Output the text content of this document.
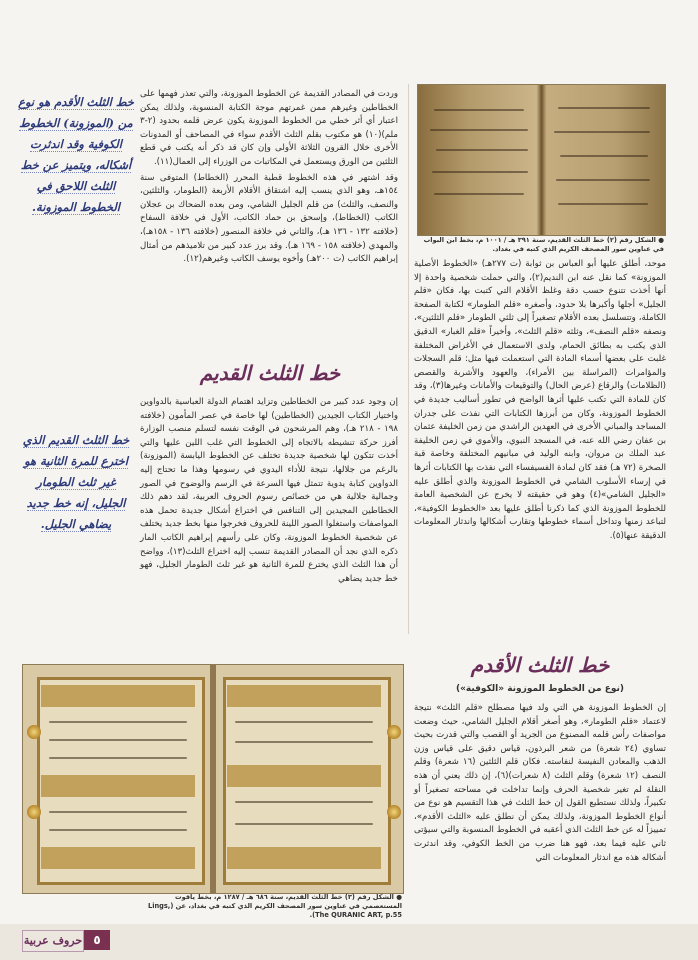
● الشكل رقم (٢) خط الثلث القديم، سنة ٣٩١ هـ / ١٠٠١ م، بخط ابن البواب في عناوين سور المصحف الكريم الذي كتبه في بغداد.

موحد، أطلق عليها أبو العباس بن ثوابة (ت ٢٧٧هـ) «الخطوط الأصلية الموزونة» كما نقل عنه ابن النديم(٢)، والتي حملت شخصية واحدة إلا أنها أخذت تتنوع حسب دقة وغلظ الأقلام التي كتبت بها، فكان «قلم الجليل» أجلها وأكبرها بلا حدود، وأصغره «قلم الطومار» لكتابة الصفحة الكاملة، وتتسلسل بعده الأقلام تصغيراً إلى ثلثي الطومار «قلم الثلثين»، ونصفه «قلم النصف»، وثلثه «قلم الثلث»، وأخيراً «قلم الغبار» الدقيق الذي يكتب به بطائق الحمام، ولدى الاستعمال في الأغراض المختلفة غلبت على بعضها أسماء المادة التي استعملت فيها مثل: قلم السجلات والمؤامرات (المراسلة بين الأمراء)، والعهود والأشربة والقصص (الظلامات) والرقاع (عرض الحال) والتوقيعات والأمانات وغيرها(٣)، وقد كان للمادة التي تكتب عليها أثرها الواضح في تطور أساليب جديدة في الخطوط الموزونة، وكان من أبرزها الكتابات التي نفذت على جدران المساجد والمباني الأخرى في العهدين الراشدي من زمن الخليفة عثمان بن عفان رضي الله عنه، في المسجد النبوي، والأموي في زمن الخليفة عبد الملك بن مروان، وابنه الوليد في مبانيهم المختلفة وخاصة قبة الصخرة (٧٢ هـ) فقد كان لمادة الفسيفساء التي نفذت بها الكتابات أثرها في إرساء الأسلوب الشامي في الخطوط الموزونة والذي أطلق عليه «الجليل الشامي»(٤) وهو في حقيقته لا يخرج عن الشخصية العامة للخطوط الموزونة الذي كما ذكرنا أطلق عليها بعد «الخطوط الكوفية»، لتباعد زمنها وتداخل أسماء خطوطها وتقارب أشكالها واندثار المعلومات الدقيقة عنها(٥).

خط الثلث الأقدم
(نوع من الخطوط الموزونة «الكوفية»)

إن الخطوط الموزونة هي التي ولد فيها مصطلح «قلم الثلث» نتيجة لاعتماد «قلم الطومار»، وهو أصغر أقلام الجليل الشامي، حيث وضعت مواصفات رأس قلمه المصنوع من الجريد أو القصب والتي قدرت بحيث تساوي (٢٤ شعرة) من شعر البرذون، قياس دقيق على قياس وزن الذهب والمعادن النفيسة لنفاسته. فكان قلم الثلثين (١٦ شعرة) وقلم النصف (١٢ شعرة) وقلم الثلث (٨ شعرات)(٦)، إن ذلك يعني أن هذه النقلة لم تغير شخصية الحرف وإنما تداخلت في مساحته تصغيراً أو تكبيراً، ولذلك نستطيع القول إن خط الثلث في هذا التقسيم هو نوع من أنواع الخطوط الموزونة، ولذلك يمكن أن نطلق عليه «الثلث الأقدم»، تمييزاً له عن خط الثلث الذي أعقبه في الخطوط المنسوبة والتي سيؤتى ثاني عليه فيما بعد، فهو هنا ضرب من الخط الكوفي، وقد اندثرت أشكاله هذه مع اندثار المعلومات التي

وردت في المصادر القديمة عن الخطوط الموزونة، والتي تعذر فهمها على الخطاطين وغيرهم ممن غمرتهم موجة الكتابة المنسوبة، ولذلك يمكن اعتبار أي أثر خطي من الخطوط الموزونة يكون عرض قلمه بحدود (٢-٣ ملم)(١٠) هو مكتوب بقلم الثلث الأقدم سواء في المصاحف أو المدونات الأخرى خلال القرون الثلاثة الأولى وإن كان قد ذكر أنه يكتب في قطع الثلثين من الورق ويستعمل في المكاتبات من الوزراء إلى العمال(١١).

وقد اشتهر في هذه الخطوط قطبة المحرر (الخطاط) المتوفى سنة ١٥٤هـ، وهو الذي ينسب إليه اشتقاق الأقلام الأربعة (الطومار، والثلثين، والنصف، والثلث) من قلم الجليل الشامي، ومن بعده الضحاك بن عجلان الكاتب (الخطاط)، وإسحق بن حماد الكاتب، الأول في خلافة السفاح (خلافته ١٣٢ - ١٣٦ هـ)، والثاني في خلافة المنصور (خلافته ١٣٦ - ١٥٨هـ)، والمهدي (خلافته ١٥٨ - ١٦٩ هـ). وقد برز عدد كبير من تلاميذهم من أمثال إبراهيم الكاتب (ت ٢٠٠هـ) وأخوه يوسف الكاتب وغيرهم(١٢).

خط الثلث القديم

إن وجود عدد كبير من الخطاطين وتزايد اهتمام الدولة العباسية بالدواوين واختيار الكتاب الجيدين (الخطاطين) لها خاصة في عصر المأمون (خلافته ١٩٨ - ٢١٨ هـ)، وهم المرشحون في الوقت نفسه لتسلم منصب الوزارة أفرز حركة تنشيطه بالاتجاه إلى الخطوط التي غلب اللين عليها والتي أخذت تتكون لها شخصية جديدة تختلف عن الخطوط اليابسة (الموزونة) بالرغم من جلالها، نتيجة للأداء اليدوي في رسومها وهذا ما تحتاج إليه الدواوين كتابة يدوية تتمثل فيها السرعة في الرسم والوضوح في الصور وجمالية جلالية هي من خصائص رسوم الحروف العربية، لقد دهم ذلك الخطاطين المجيدين إلى التنافس في اختراع أشكال جديدة تحمل هذه المواصفات واستغلوا الصور اللينة للحروف فخرجوا منها بخط جديد يختلف عن شخصية الخطوط الموزونة، وكان على رأسهم إبراهيم الكاتب المار ذكره الذي نجد أن المصادر القديمة تنسب إليه اختراع الثلث(١٣)، وواضح أن هذا الثلث الذي يخترع للمرة الثانية هو غير ثلث الطومار الجليل، فهو خط جديد يضاهي

خط الثلث الأقدم هو نوع من (الموزونة) الخطوط الكوفية وقد اندثرت أشكاله، ويتميز عن خط الثلث اللاحق في الخطوط الموزونة.
خط الثلث القديم الذي اخترع للمرة الثانية هو غير ثلث الطومار الجليل، إنه خط جديد يضاهي الجليل.
● الشكل رقم (٣) خط الثلث القديم، سنة ٦٨٦ هـ / ١٢٨٧ م، بخط ياقوت المستعصمي في عناوين سور المصحف الكريم الذي كتبه في بغداد، عن (Lings, The QURANIC ART, p.55).
حروف عربية ٥
